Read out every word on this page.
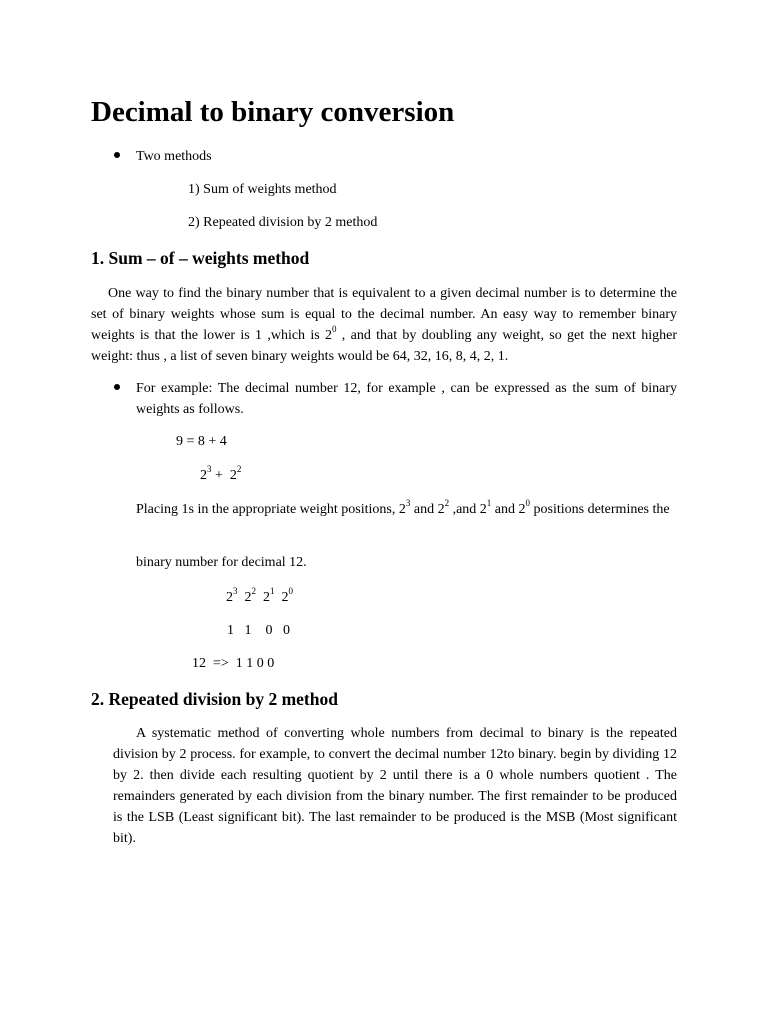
Decimal to binary conversion
Two methods
1) Sum of weights method
2) Repeated division by 2 method
1. Sum – of – weights method
One way to find the binary number that is equivalent to a given decimal number is to determine the set of binary weights whose sum is equal to the decimal number. An easy way to remember binary weights is that the lower is 1 ,which is $2^0$ , and that by doubling any weight, so get the next higher weight: thus , a list of seven binary weights would be 64, 32, 16, 8, 4, 2, 1.
For example: The decimal number 12, for example , can be expressed as the sum of binary weights as follows.
9 = 8 + 4
$2^3 + 2^2$
Placing 1s in the appropriate weight positions, $2^3$ and $2^2$ ,and $2^1$ and $2^0$ positions determines the
binary number for decimal 12.
$2^3$ $2^2$ $2^1$ $2^0$
1   1    0   0
12  =>  1 1 0 0
2. Repeated division by 2 method
A systematic method of converting whole numbers from decimal to binary is the repeated division by 2 process. for example, to convert the decimal number 12to binary. begin by dividing 12 by 2. then divide each resulting quotient by 2 until there is a 0 whole numbers quotient . The remainders generated by each division from the binary number. The first remainder to be produced is the LSB (Least significant bit). The last remainder to be produced is the MSB (Most significant bit).
